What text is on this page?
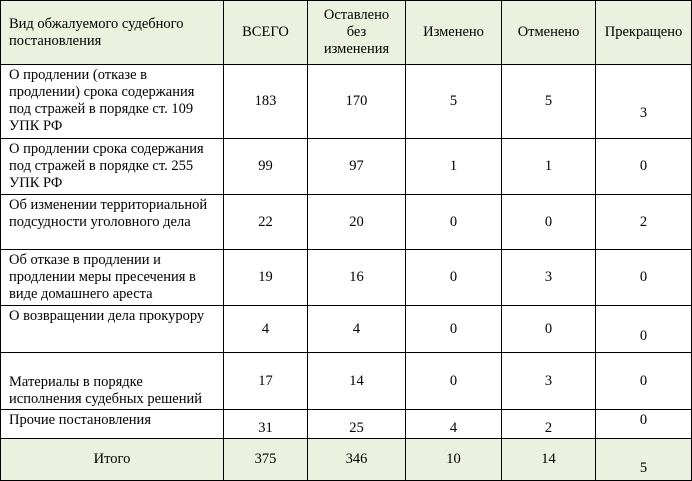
Вид обжалуемого судебного постановления	ВСЕГО	Оставлено без изменения	Изменено	Отменено	Прекращено
О продлении (отказе в продлении) срока содержания под стражей в порядке ст. 109 УПК РФ	183	170	5	5	3
О продлении срока содержания под стражей в порядке ст. 255 УПК РФ	99	97	1	1	0
Об изменении территориальной подсудности уголовного дела	22	20	0	0	2
Об отказе в продлении и продлении меры пресечения в виде домашнего ареста	19	16	0	3	0
О возвращении дела прокурору	4	4	0	0	0
Материалы в порядке исполнения судебных решений	17	14	0	3	0
Прочие постановления	31	25	4	2	0
Итого	375	346	10	14	5
